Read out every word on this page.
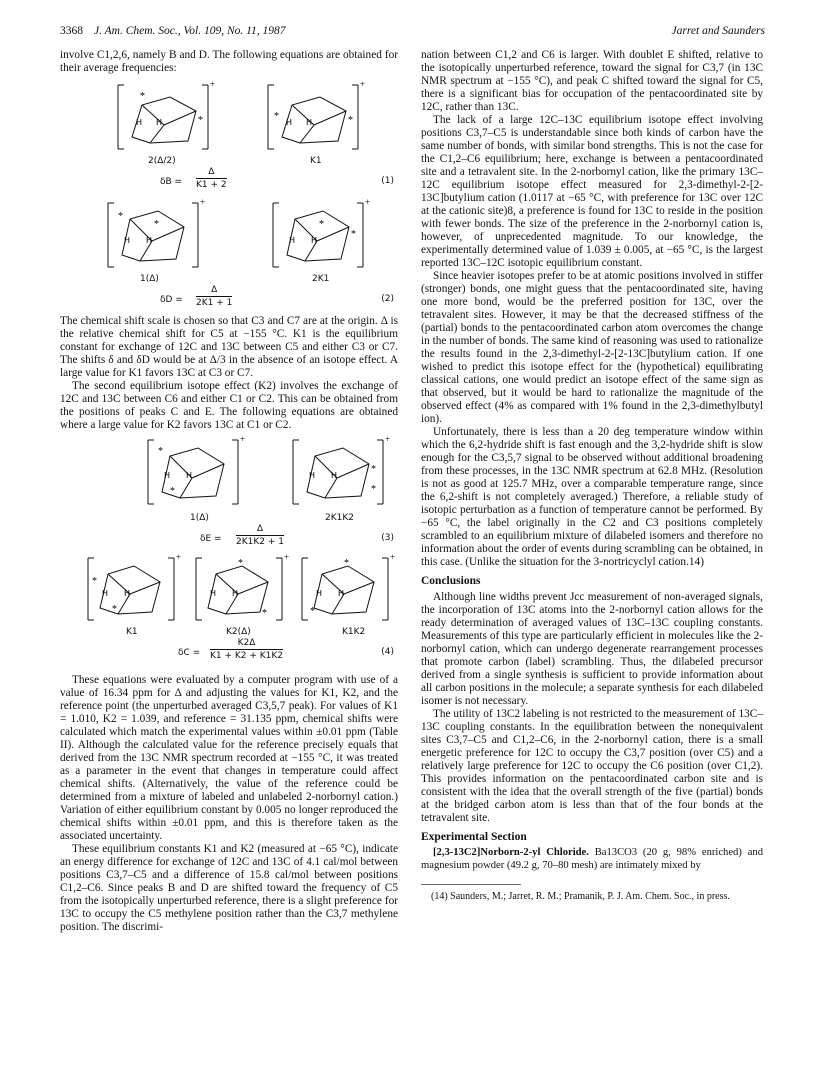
3368 J. Am. Chem. Soc., Vol. 109, No. 11, 1987	Jarret and Saunders

involve C1,2,6, namely B and D. The following equations are obtained for their average frequencies:

H H
*
*
+
H H
*	*
+
2(Δ/2)	K1
$\delta B = \frac{\Delta}{K1 + 2}$	(1)
H H
*
*
+
H H
*
*
+
1(Δ)	2K1
$\delta D = \frac{\Delta}{2K1 + 1}$	(2)

The chemical shift scale is chosen so that C3 and C7 are at the origin. Δ is the relative chemical shift for C5 at −155 °C. K1 is the equilibrium constant for exchange of 12C and 13C between C5 and either C3 or C7. The shifts δ and δD would be at Δ/3 in the absence of an isotope effect. A large value for K1 favors 13C at C3 or C7.

The second equilibrium isotope effect (K2) involves the exchange of 12C and 13C between C6 and either C1 or C2. This can be obtained from the positions of peaks C and E. The following equations are obtained where a large value for K2 favors 13C at C1 or C2.

H H
*
*
+
H H
*
*
+
1(Δ)	2K1K2
$\delta E = \frac{\Delta}{2K1K2 + 1}$	(3)
H H
*
*
+
H H
*
*
+
H H
*
*
+
K1	K2(Δ)	K1K2
$\delta C = \frac{K2\Delta}{K1 + K2 + K1K2}$	(4)

These equations were evaluated by a computer program with use of a value of 16.34 ppm for Δ and adjusting the values for K1, K2, and the reference point (the unperturbed averaged C3,5,7 peak). For values of K1 = 1.010, K2 = 1.039, and reference = 31.135 ppm, chemical shifts were calculated which match the experimental values within ±0.01 ppm (Table II). Although the calculated value for the reference precisely equals that derived from the 13C NMR spectrum recorded at −155 °C, it was treated as a parameter in the event that changes in temperature could affect chemical shifts. (Alternatively, the value of the reference could be determined from a mixture of labeled and unlabeled 2-norbornyl cation.) Variation of either equilibrium constant by 0.005 no longer reproduced the chemical shifts within ±0.01 ppm, and this is therefore taken as the associated uncertainty.

These equilibrium constants K1 and K2 (measured at −65 °C), indicate an energy difference for exchange of 12C and 13C of 4.1 cal/mol between positions C3,7–C5 and a difference of 15.8 cal/mol between positions C1,2–C6. Since peaks B and D are shifted toward the frequency of C5 from the isotopically unperturbed reference, there is a slight preference for 13C to occupy the C5 methylene position rather than the C3,7 methylene position. The discrimi-

nation between C1,2 and C6 is larger. With doublet E shifted, relative to the isotopically unperturbed reference, toward the signal for C3,7 (in 13C NMR spectrum at −155 °C), and peak C shifted toward the signal for C5, there is a significant bias for occupation of the pentacoordinated site by 12C, rather than 13C.

The lack of a large 12C–13C equilibrium isotope effect involving positions C3,7–C5 is understandable since both kinds of carbon have the same number of bonds, with similar bond strengths. This is not the case for the C1,2–C6 equilibrium; here, exchange is between a pentacoordinated site and a tetravalent site. In the 2-norbornyl cation, like the primary 13C–12C equilibrium isotope effect measured for 2,3-dimethyl-2-[2-13C]butylium cation (1.0117 at −65 °C, with preference for 13C over 12C at the cationic site)8, a preference is found for 13C to reside in the position with fewer bonds. The size of the preference in the 2-norbornyl cation is, however, of unprecedented magnitude. To our knowledge, the experimentally determined value of 1.039 ± 0.005, at −65 °C, is the largest reported 13C–12C isotopic equilibrium constant.

Since heavier isotopes prefer to be at atomic positions involved in stiffer (stronger) bonds, one might guess that the pentacoordinated site, having one more bond, would be the preferred position for 13C, over the tetravalent sites. However, it may be that the decreased stiffness of the (partial) bonds to the pentacoordinated carbon atom overcomes the change in the number of bonds. The same kind of reasoning was used to rationalize the results found in the 2,3-dimethyl-2-[2-13C]butylium cation. If one wished to predict this isotope effect for the (hypothetical) equilibrating classical cations, one would predict an isotope effect of the same sign as that observed, but it would be hard to rationalize the magnitude of the observed effect (4% as compared with 1% found in the 2,3-dimethylbutyl ion).

Unfortunately, there is less than a 20 deg temperature window within which the 6,2-hydride shift is fast enough and the 3,2-hydride shift is slow enough for the C3,5,7 signal to be observed without additional broadening from these processes, in the 13C NMR spectrum at 62.8 MHz. (Resolution is not as good at 125.7 MHz, over a comparable temperature range, since the 6,2-shift is not completely averaged.) Therefore, a reliable study of isotopic perturbation as a function of temperature cannot be performed. By −65 °C, the label originally in the C2 and C3 positions completely scrambled to an equilibrium mixture of dilabeled isomers and therefore no information about the order of events during scrambling can be obtained, in this case. (Unlike the situation for the 3-nortricyclyl cation.14)

Conclusions

Although line widths prevent Jcc measurement of non-averaged signals, the incorporation of 13C atoms into the 2-norbornyl cation allows for the ready determination of averaged values of 13C–13C coupling constants. Measurements of this type are particularly efficient in molecules like the 2-norbornyl cation, which can undergo degenerate rearrangement processes that promote carbon (label) scrambling. Thus, the dilabeled precursor derived from a single synthesis is sufficient to provide information about all carbon positions in the molecule; a separate synthesis for each dilabeled isomer is not necessary.

The utility of 13C2 labeling is not restricted to the measurement of 13C–13C coupling constants. In the equilibration between the nonequivalent sites C3,7–C5 and C1,2–C6, in the 2-norbornyl cation, there is a small energetic preference for 12C to occupy the C3,7 position (over C5) and a relatively large preference for 12C to occupy the C6 position (over C1,2). This provides information on the pentacoordinated carbon site and is consistent with the idea that the overall strength of the five (partial) bonds at the bridged carbon atom is less than that of the four bonds at the tetravalent site.

Experimental Section

[2,3-13C2]Norborn-2-yl Chloride. Ba13CO3 (20 g, 98% enriched) and magnesium powder (49.2 g, 70–80 mesh) are intimately mixed by

(14) Saunders, M.; Jarret, R. M.; Pramanik, P. J. Am. Chem. Soc., in press.
